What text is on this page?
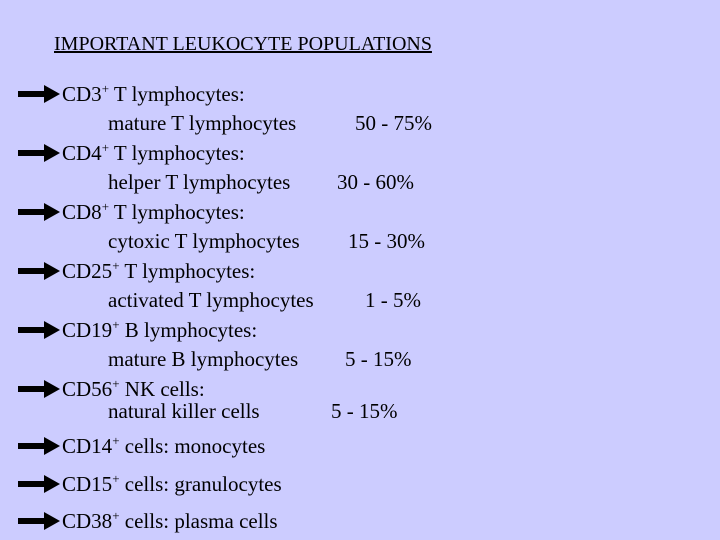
IMPORTANT LEUKOCYTE POPULATIONS
CD3+ T lymphocytes:
mature T lymphocytes	50 - 75%
CD4+ T lymphocytes:
helper T lymphocytes 30 - 60%
CD8+ T lymphocytes:
cytoxic T lymphocytes 15 - 30%
CD25+ T lymphocytes:
activated T lymphocytes 1 - 5%
CD19+ B lymphocytes:
mature B lymphocytes 5 - 15%
CD56+ NK cells:
natural killer cells	5 - 15%
CD14+ cells: monocytes
CD15+ cells: granulocytes
CD38+ cells: plasma cells
